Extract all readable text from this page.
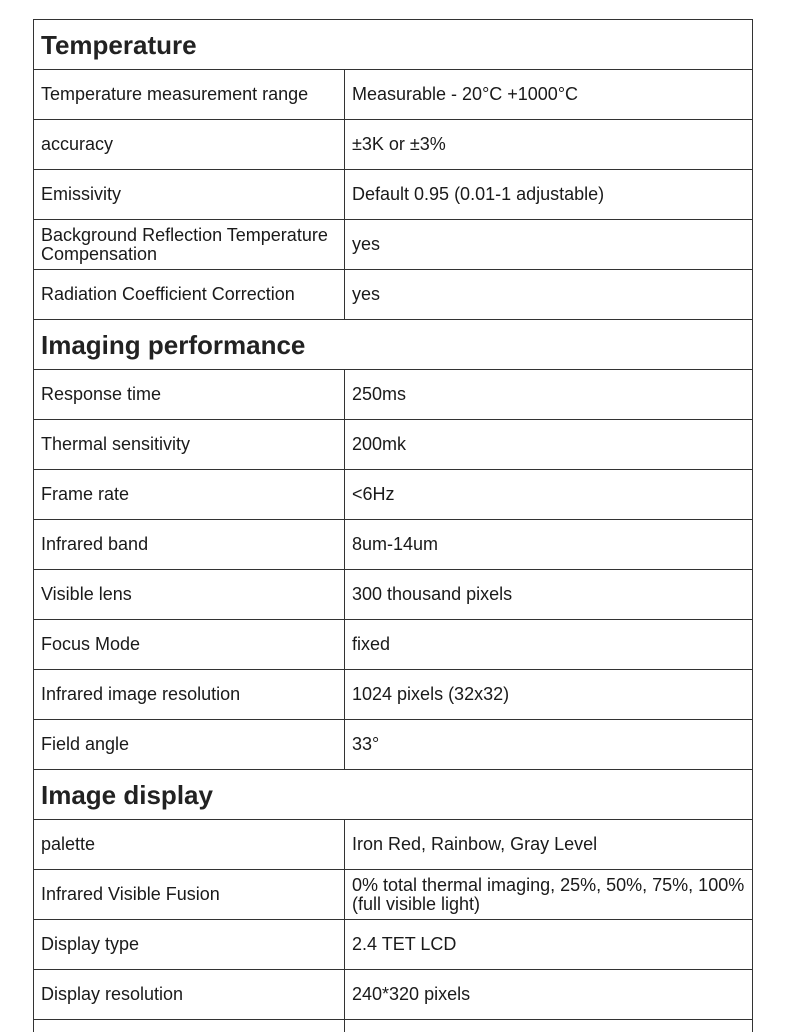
Temperature	
Temperature measurement range	Measurable - 20°C +1000°C
accuracy	±3K or ±3%
Emissivity	Default 0.95 (0.01-1 adjustable)
Background Reflection Temperature Compensation	yes
Radiation Coefficient Correction	yes
Imaging performance	
Response time	250ms
Thermal sensitivity	200mk
Frame rate	<6Hz
Infrared band	8um-14um
Visible lens	300 thousand pixels
Focus Mode	fixed
Infrared image resolution	1024 pixels (32x32)
Field angle	33°
Image display	
palette	Iron Red, Rainbow, Gray Level
Infrared Visible Fusion	0% total thermal imaging, 25%, 50%, 75%, 100%(full visible light)
Display type	2.4 TET LCD
Display resolution	240*320 pixels
